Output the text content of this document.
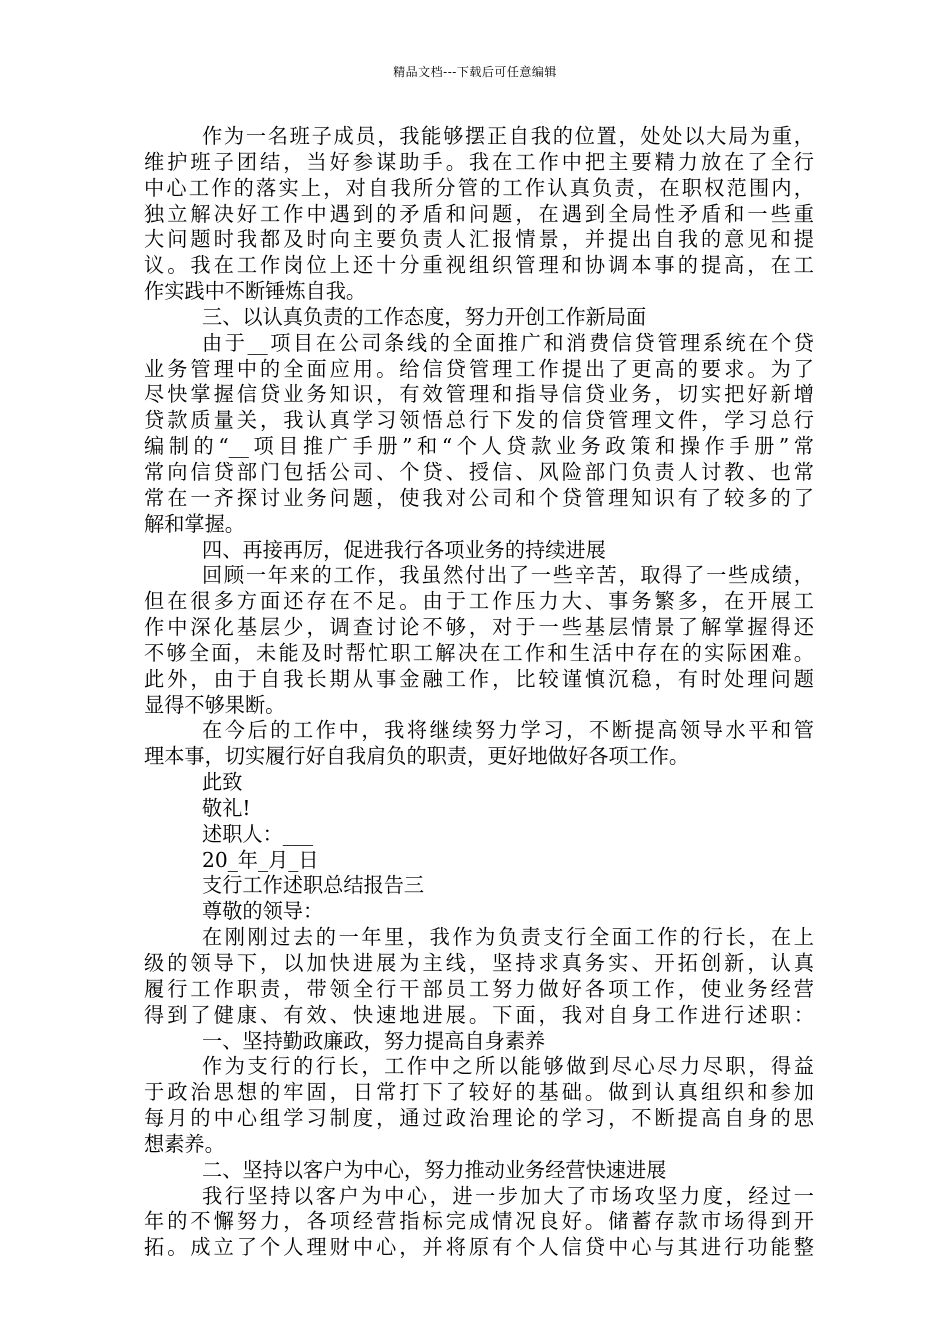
精品文档---下载后可任意编辑
作为一名班子成员，我能够摆正自我的位置，处处以大局为重，
维护班子团结，当好参谋助手。我在工作中把主要精力放在了全行
中心工作的落实上，对自我所分管的工作认真负责，在职权范围内，
独立解决好工作中遇到的矛盾和问题，在遇到全局性矛盾和一些重
大问题时我都及时向主要负责人汇报情景，并提出自我的意见和提
议。我在工作岗位上还十分重视组织管理和协调本事的提高，在工
作实践中不断锤炼自我。
三、以认真负责的工作态度，努力开创工作新局面
由于__项目在公司条线的全面推广和消费信贷管理系统在个贷
业务管理中的全面应用。给信贷管理工作提出了更高的要求。为了
尽快掌握信贷业务知识，有效管理和指导信贷业务，切实把好新增
贷款质量关，我认真学习领悟总行下发的信贷管理文件，学习总行
编制的“__项目推广手册”和“个人贷款业务政策和操作手册”常
常向信贷部门包括公司、个贷、授信、风险部门负责人讨教、也常
常在一齐探讨业务问题，使我对公司和个贷管理知识有了较多的了
解和掌握。
四、再接再厉，促进我行各项业务的持续进展
回顾一年来的工作，我虽然付出了一些辛苦，取得了一些成绩，
但在很多方面还存在不足。由于工作压力大、事务繁多，在开展工
作中深化基层少，调查讨论不够，对于一些基层情景了解掌握得还
不够全面，未能及时帮忙职工解决在工作和生活中存在的实际困难。
此外，由于自我长期从事金融工作，比较谨慎沉稳，有时处理问题
显得不够果断。
在今后的工作中，我将继续努力学习，不断提高领导水平和管
理本事，切实履行好自我肩负的职责，更好地做好各项工作。
此致
敬礼!
述职人：___
20_年_月_日
支行工作述职总结报告三
尊敬的领导：
在刚刚过去的一年里，我作为负责支行全面工作的行长，在上
级的领导下，以加快进展为主线，坚持求真务实、开拓创新，认真
履行工作职责，带领全行干部员工努力做好各项工作，使业务经营
得到了健康、有效、快速地进展。下面，我对自身工作进行述职：
一、坚持勤政廉政，努力提高自身素养
作为支行的行长，工作中之所以能够做到尽心尽力尽职，得益
于政治思想的牢固，日常打下了较好的基础。做到认真组织和参加
每月的中心组学习制度，通过政治理论的学习，不断提高自身的思
想素养。
二、坚持以客户为中心，努力推动业务经营快速进展
我行坚持以客户为中心，进一步加大了市场攻坚力度，经过一
年的不懈努力，各项经营指标完成情况良好。储蓄存款市场得到开
拓。成立了个人理财中心，并将原有个人信贷中心与其进行功能整
